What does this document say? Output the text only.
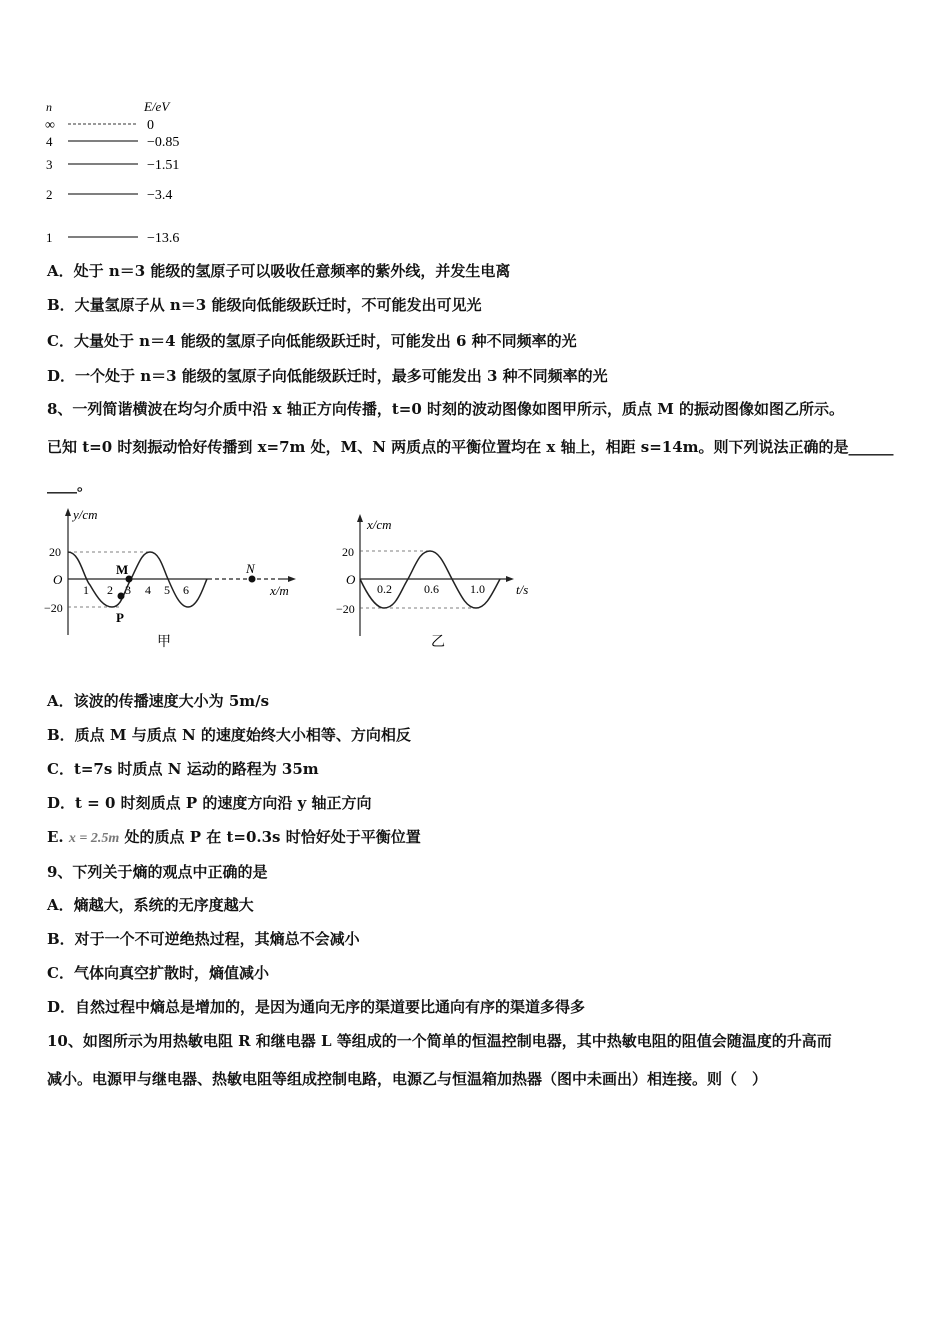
n	E/eV
∞	0
4	−0.85
3	−1.51
2	−3.4
1	−13.6
A．处于 n＝3 能级的氢原子可以吸收任意频率的紫外线，并发生电离
B．大量氢原子从 n＝3 能级向低能级跃迁时，不可能发出可见光
C．大量处于 n＝4 能级的氢原子向低能级跃迁时，可能发出 6 种不同频率的光
D．一个处于 n＝3 能级的氢原子向低能级跃迁时，最多可能发出 3 种不同频率的光
8、一列简谐横波在均匀介质中沿 x 轴正方向传播，t=0 时刻的波动图像如图甲所示，质点 M 的振动图像如图乙所示。
已知 t=0 时刻振动恰好传播到 x=7m 处，M、N 两质点的平衡位置均在 x 轴上，相距 s=14m。则下列说法正确的是______
____。
y/cm
x/m
O
20
−20
1 2 3 4 5 6
M
P
N
甲
x/cm
t/s
O
20
−20
0.2	0.6	1.0
乙
A．该波的传播速度大小为 5m/s
B．质点 M 与质点 N 的速度始终大小相等、方向相反
C．t=7s 时质点 N 运动的路程为 35m
D．t = 0 时刻质点 P 的速度方向沿 y 轴正方向
E. x = 2.5m 处的质点 P 在 t=0.3s 时恰好处于平衡位置
9、下列关于熵的观点中正确的是
A．熵越大，系统的无序度越大
B．对于一个不可逆绝热过程，其熵总不会减小
C．气体向真空扩散时，熵值减小
D．自然过程中熵总是增加的，是因为通向无序的渠道要比通向有序的渠道多得多
10、如图所示为用热敏电阻 R 和继电器 L 等组成的一个简单的恒温控制电器，其中热敏电阻的阻值会随温度的升高而
减小。电源甲与继电器、热敏电阻等组成控制电路，电源乙与恒温箱加热器（图中未画出）相连接。则（　）
